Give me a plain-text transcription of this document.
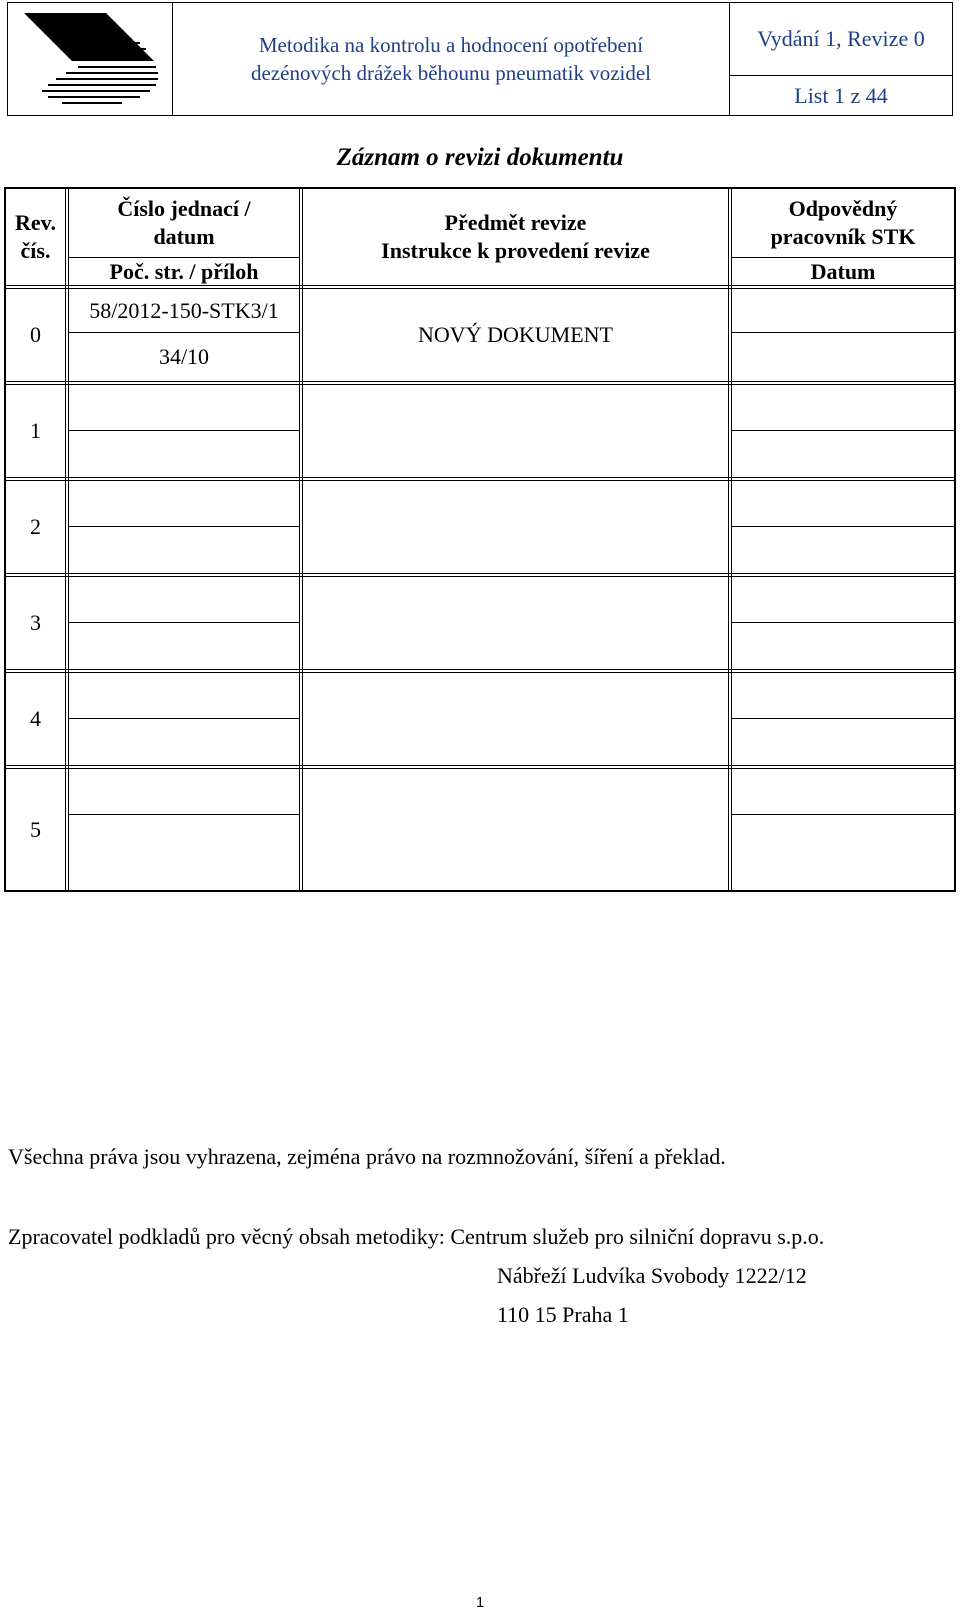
Metodika na kontrolu a hodnocení opotřebení
dezénových drážek běhounu pneumatik vozidel
Vydání 1, Revize 0
List 1 z 44
Záznam o revizi dokumentu
Rev.
čís.
Číslo jednací /
datum
Poč. str. / příloh
Předmět revize
Instrukce k provedení revize
Odpovědný
pracovník STK
Datum
0
58/2012-150-STK3/1
34/10
NOVÝ DOKUMENT
1
2
3
4
5
Všechna práva jsou vyhrazena, zejména právo na rozmnožování, šíření a překlad.
Zpracovatel podkladů pro věcný obsah metodiky: Centrum služeb pro silniční dopravu s.p.o.
Nábřeží Ludvíka Svobody 1222/12
110 15 Praha 1
1
